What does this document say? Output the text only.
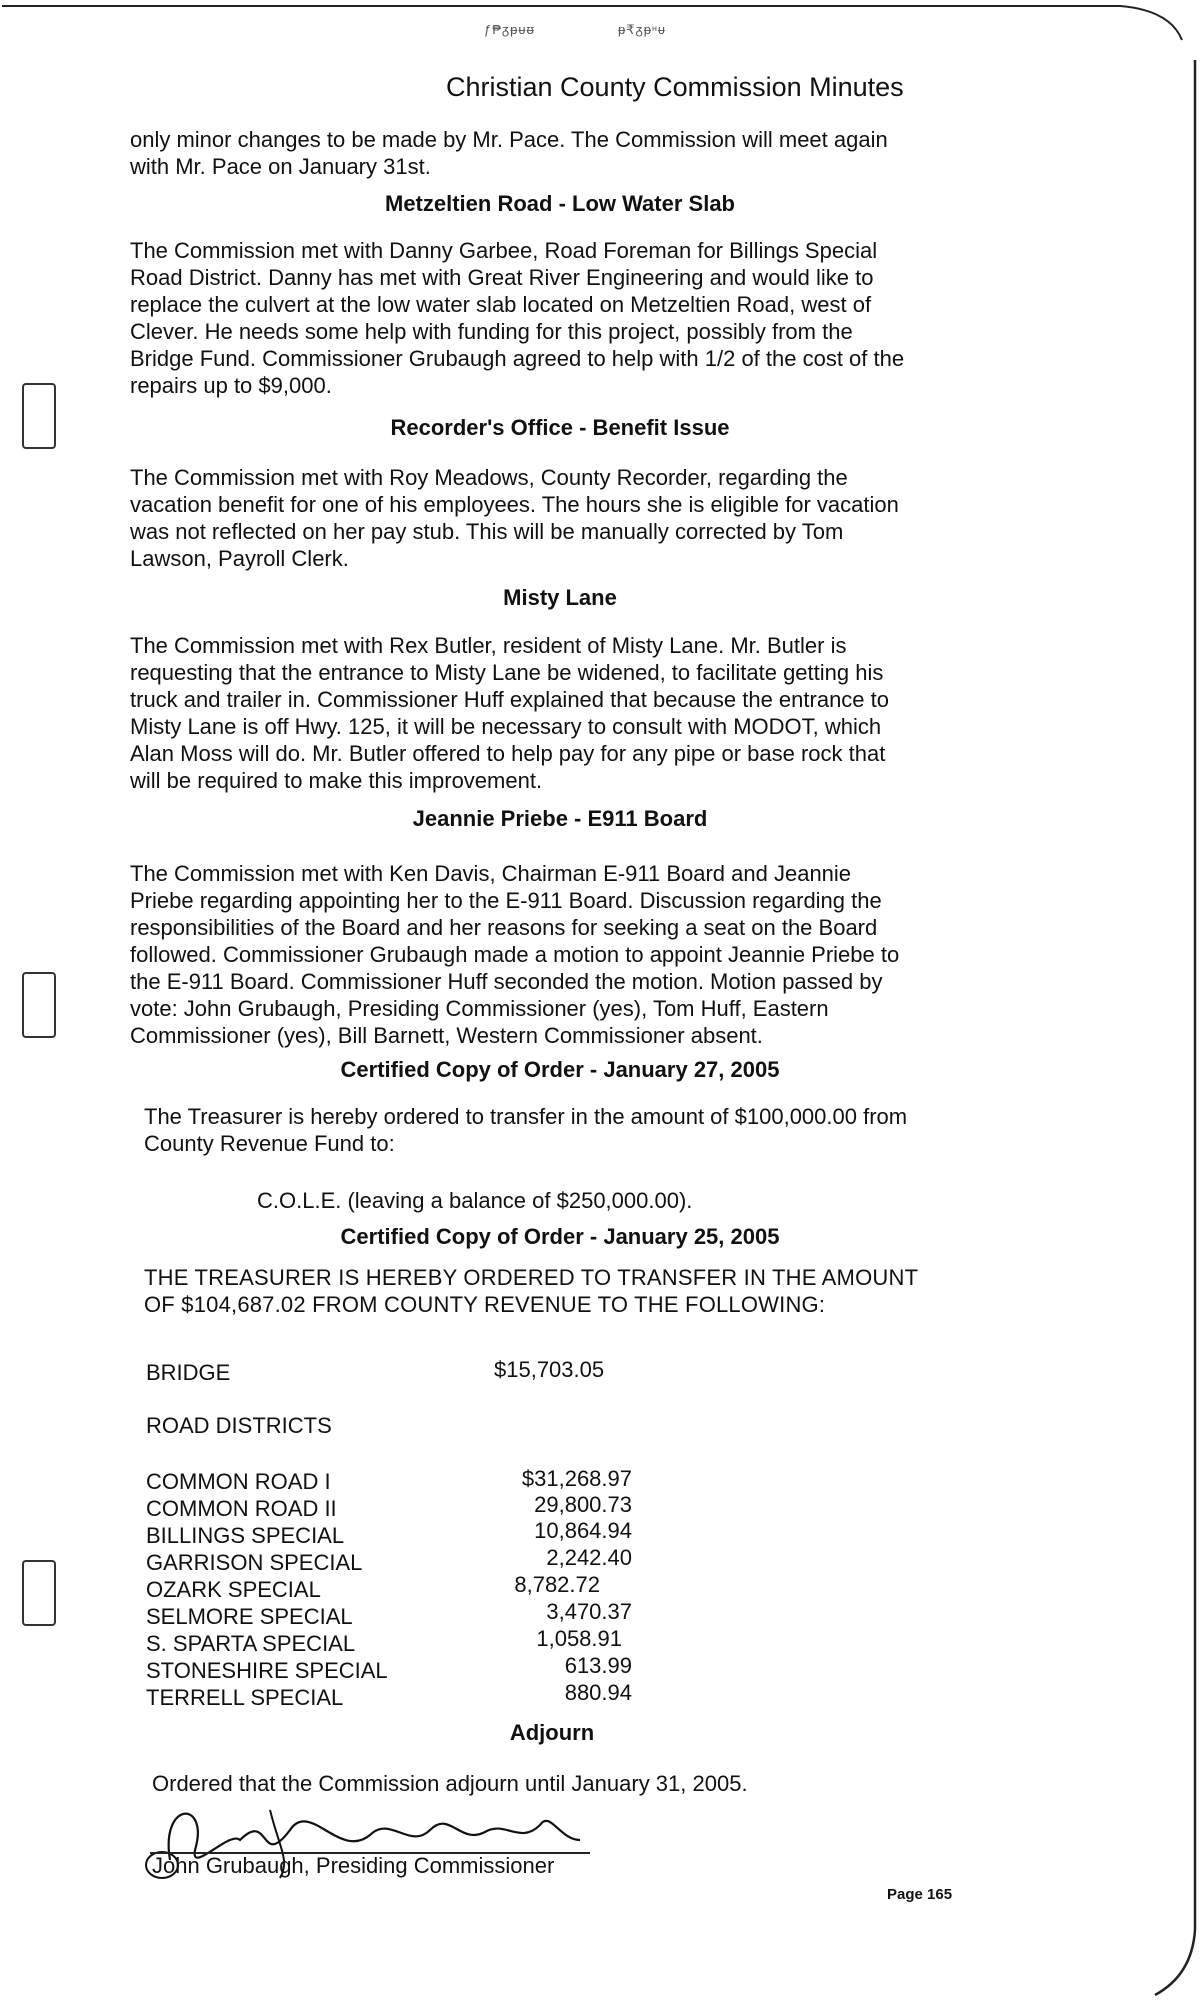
ƒ₱ᵹᵽᵾᵿ	ᵽ₹ᵹᵽᵸᵾ
Christian County Commission Minutes
only minor changes to be made by Mr. Pace. The Commission will meet again
with Mr. Pace on January 31st.
Metzeltien Road - Low Water Slab
The Commission met with Danny Garbee, Road Foreman for Billings Special
Road District. Danny has met with Great River Engineering and would like to
replace the culvert at the low water slab located on Metzeltien Road, west of
Clever. He needs some help with funding for this project, possibly from the
Bridge Fund. Commissioner Grubaugh agreed to help with 1/2 of the cost of the
repairs up to $9,000.
Recorder's Office - Benefit Issue
The Commission met with Roy Meadows, County Recorder, regarding the
vacation benefit for one of his employees. The hours she is eligible for vacation
was not reflected on her pay stub. This will be manually corrected by Tom
Lawson, Payroll Clerk.
Misty Lane
The Commission met with Rex Butler, resident of Misty Lane. Mr. Butler is
requesting that the entrance to Misty Lane be widened, to facilitate getting his
truck and trailer in. Commissioner Huff explained that because the entrance to
Misty Lane is off Hwy. 125, it will be necessary to consult with MODOT, which
Alan Moss will do. Mr. Butler offered to help pay for any pipe or base rock that
will be required to make this improvement.
Jeannie Priebe - E911 Board
The Commission met with Ken Davis, Chairman E-911 Board and Jeannie
Priebe regarding appointing her to the E-911 Board. Discussion regarding the
responsibilities of the Board and her reasons for seeking a seat on the Board
followed. Commissioner Grubaugh made a motion to appoint Jeannie Priebe to
the E-911 Board. Commissioner Huff seconded the motion. Motion passed by
vote: John Grubaugh, Presiding Commissioner (yes), Tom Huff, Eastern
Commissioner (yes), Bill Barnett, Western Commissioner absent.
Certified Copy of Order - January 27, 2005
The Treasurer is hereby ordered to transfer in the amount of $100,000.00 from
County Revenue Fund to:
C.O.L.E. (leaving a balance of $250,000.00).
Certified Copy of Order - January 25, 2005
THE TREASURER IS HEREBY ORDERED TO TRANSFER IN THE AMOUNT
OF $104,687.02 FROM COUNTY REVENUE TO THE FOLLOWING:
BRIDGE	$15,703.05
ROAD DISTRICTS
COMMON ROAD I	$31,268.97
COMMON ROAD II	29,800.73
BILLINGS SPECIAL	10,864.94
GARRISON SPECIAL	2,242.40
OZARK SPECIAL	8,782.72
SELMORE SPECIAL	3,470.37
S. SPARTA SPECIAL	1,058.91
STONESHIRE SPECIAL	613.99
TERRELL SPECIAL	880.94
Adjourn
Ordered that the Commission adjourn until January 31, 2005.
John Grubaugh, Presiding Commissioner
Page 165
